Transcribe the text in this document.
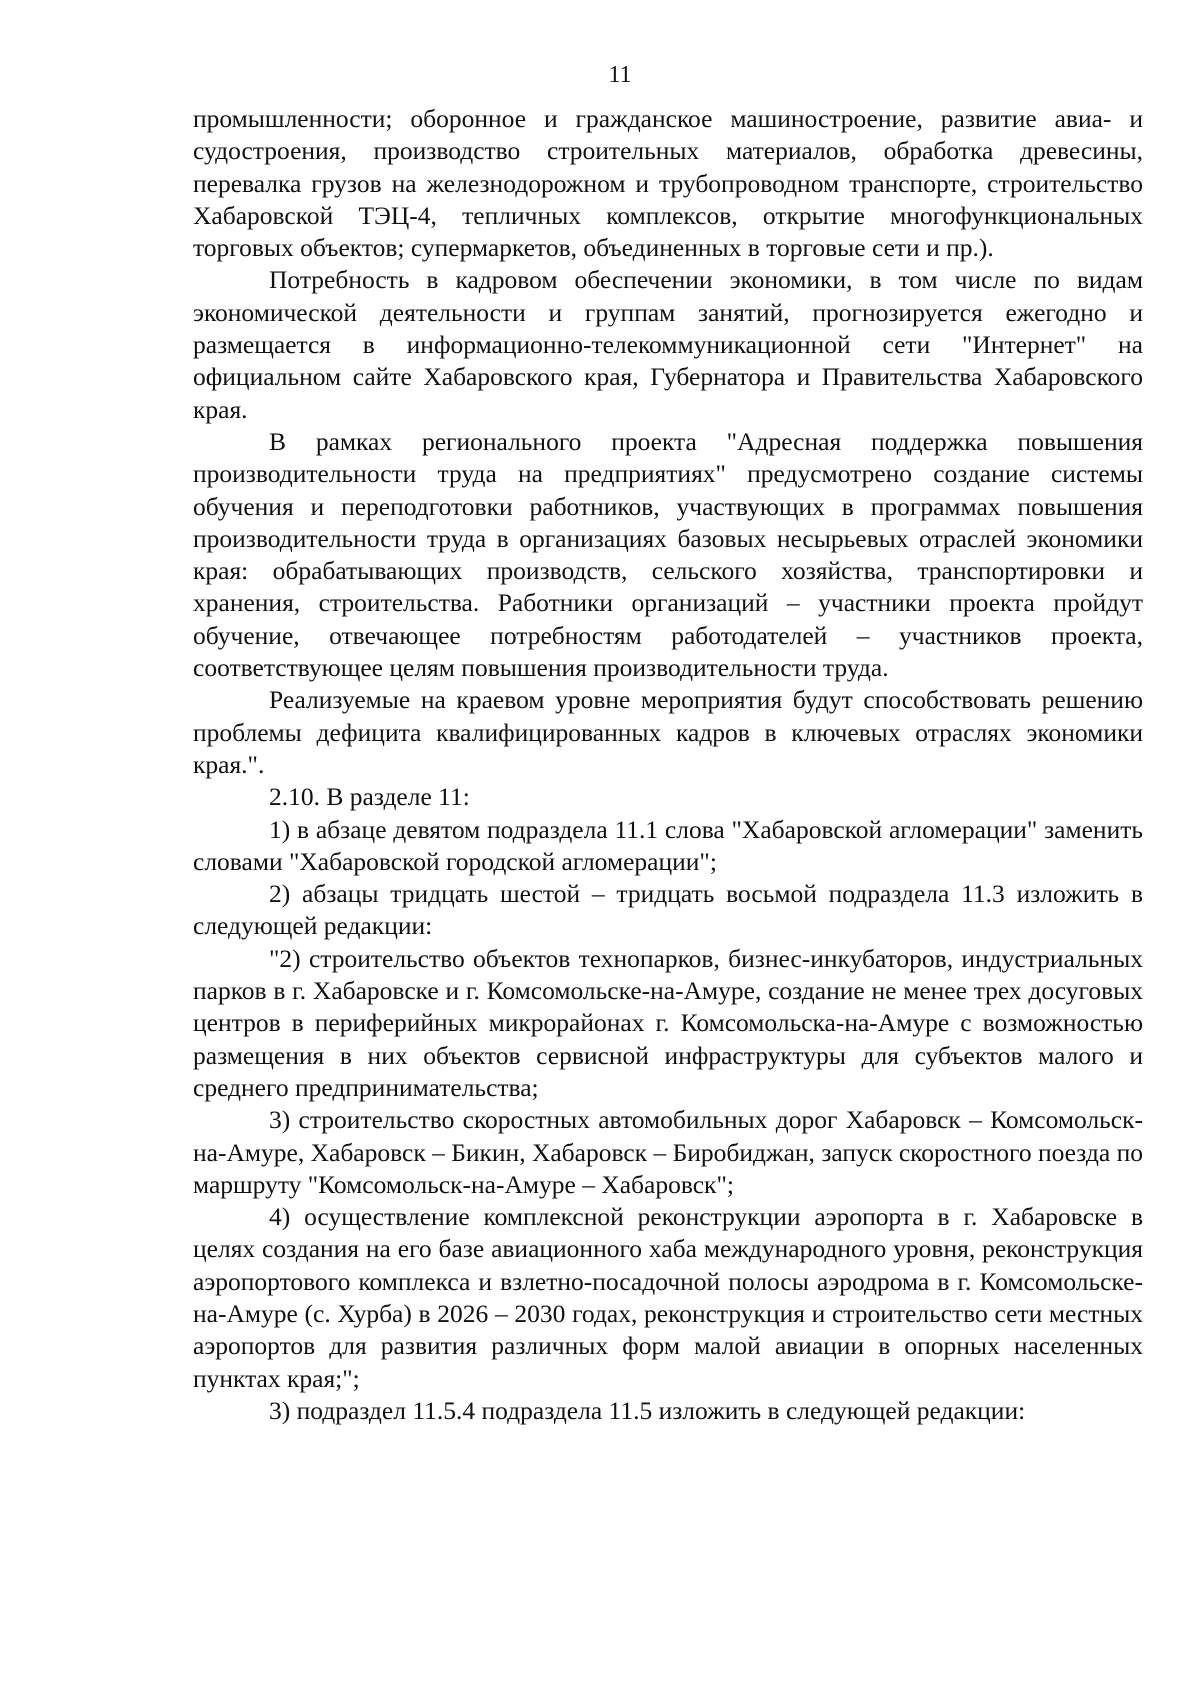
11

промышленности; оборонное и гражданское машиностроение, развитие авиа- и судостроения, производство строительных материалов, обработка древесины, перевалка грузов на железнодорожном и трубопроводном транспорте, строительство Хабаровской ТЭЦ-4, тепличных комплексов, открытие многофункциональных торговых объектов; супермаркетов, объединенных в торговые сети и пр.).

Потребность в кадровом обеспечении экономики, в том числе по видам экономической деятельности и группам занятий, прогнозируется ежегодно и размещается в информационно-телекоммуникационной сети "Интернет" на официальном сайте Хабаровского края, Губернатора и Правительства Хабаровского края.

В рамках регионального проекта "Адресная поддержка повышения производительности труда на предприятиях" предусмотрено создание системы обучения и переподготовки работников, участвующих в программах повышения производительности труда в организациях базовых несырьевых отраслей экономики края: обрабатывающих производств, сельского хозяйства, транспортировки и хранения, строительства. Работники организаций – участники проекта пройдут обучение, отвечающее потребностям работодателей – участников проекта, соответствующее целям повышения производительности труда.

Реализуемые на краевом уровне мероприятия будут способствовать решению проблемы дефицита квалифицированных кадров в ключевых отраслях экономики края.".

2.10. В разделе 11:

1) в абзаце девятом подраздела 11.1 слова "Хабаровской агломерации" заменить словами "Хабаровской городской агломерации";

2) абзацы тридцать шестой – тридцать восьмой подраздела 11.3 изложить в следующей редакции:

"2) строительство объектов технопарков, бизнес-инкубаторов, индустриальных парков в г. Хабаровске и г. Комсомольске-на-Амуре, создание не менее трех досуговых центров в периферийных микрорайонах г. Комсомольска-на-Амуре с возможностью размещения в них объектов сервисной инфраструктуры для субъектов малого и среднего предпринимательства;

3) строительство скоростных автомобильных дорог Хабаровск – Комсомольск-на-Амуре, Хабаровск – Бикин, Хабаровск – Биробиджан, запуск скоростного поезда по маршруту "Комсомольск-на-Амуре – Хабаровск";

4) осуществление комплексной реконструкции аэропорта в г. Хабаровске в целях создания на его базе авиационного хаба международного уровня, реконструкция аэропортового комплекса и взлетно-посадочной полосы аэродрома в г. Комсомольске-на-Амуре (с. Хурба) в 2026 – 2030 годах, реконструкция и строительство сети местных аэропортов для развития различных форм малой авиации в опорных населенных пунктах края;";

3) подраздел 11.5.4 подраздела 11.5 изложить в следующей редакции:
